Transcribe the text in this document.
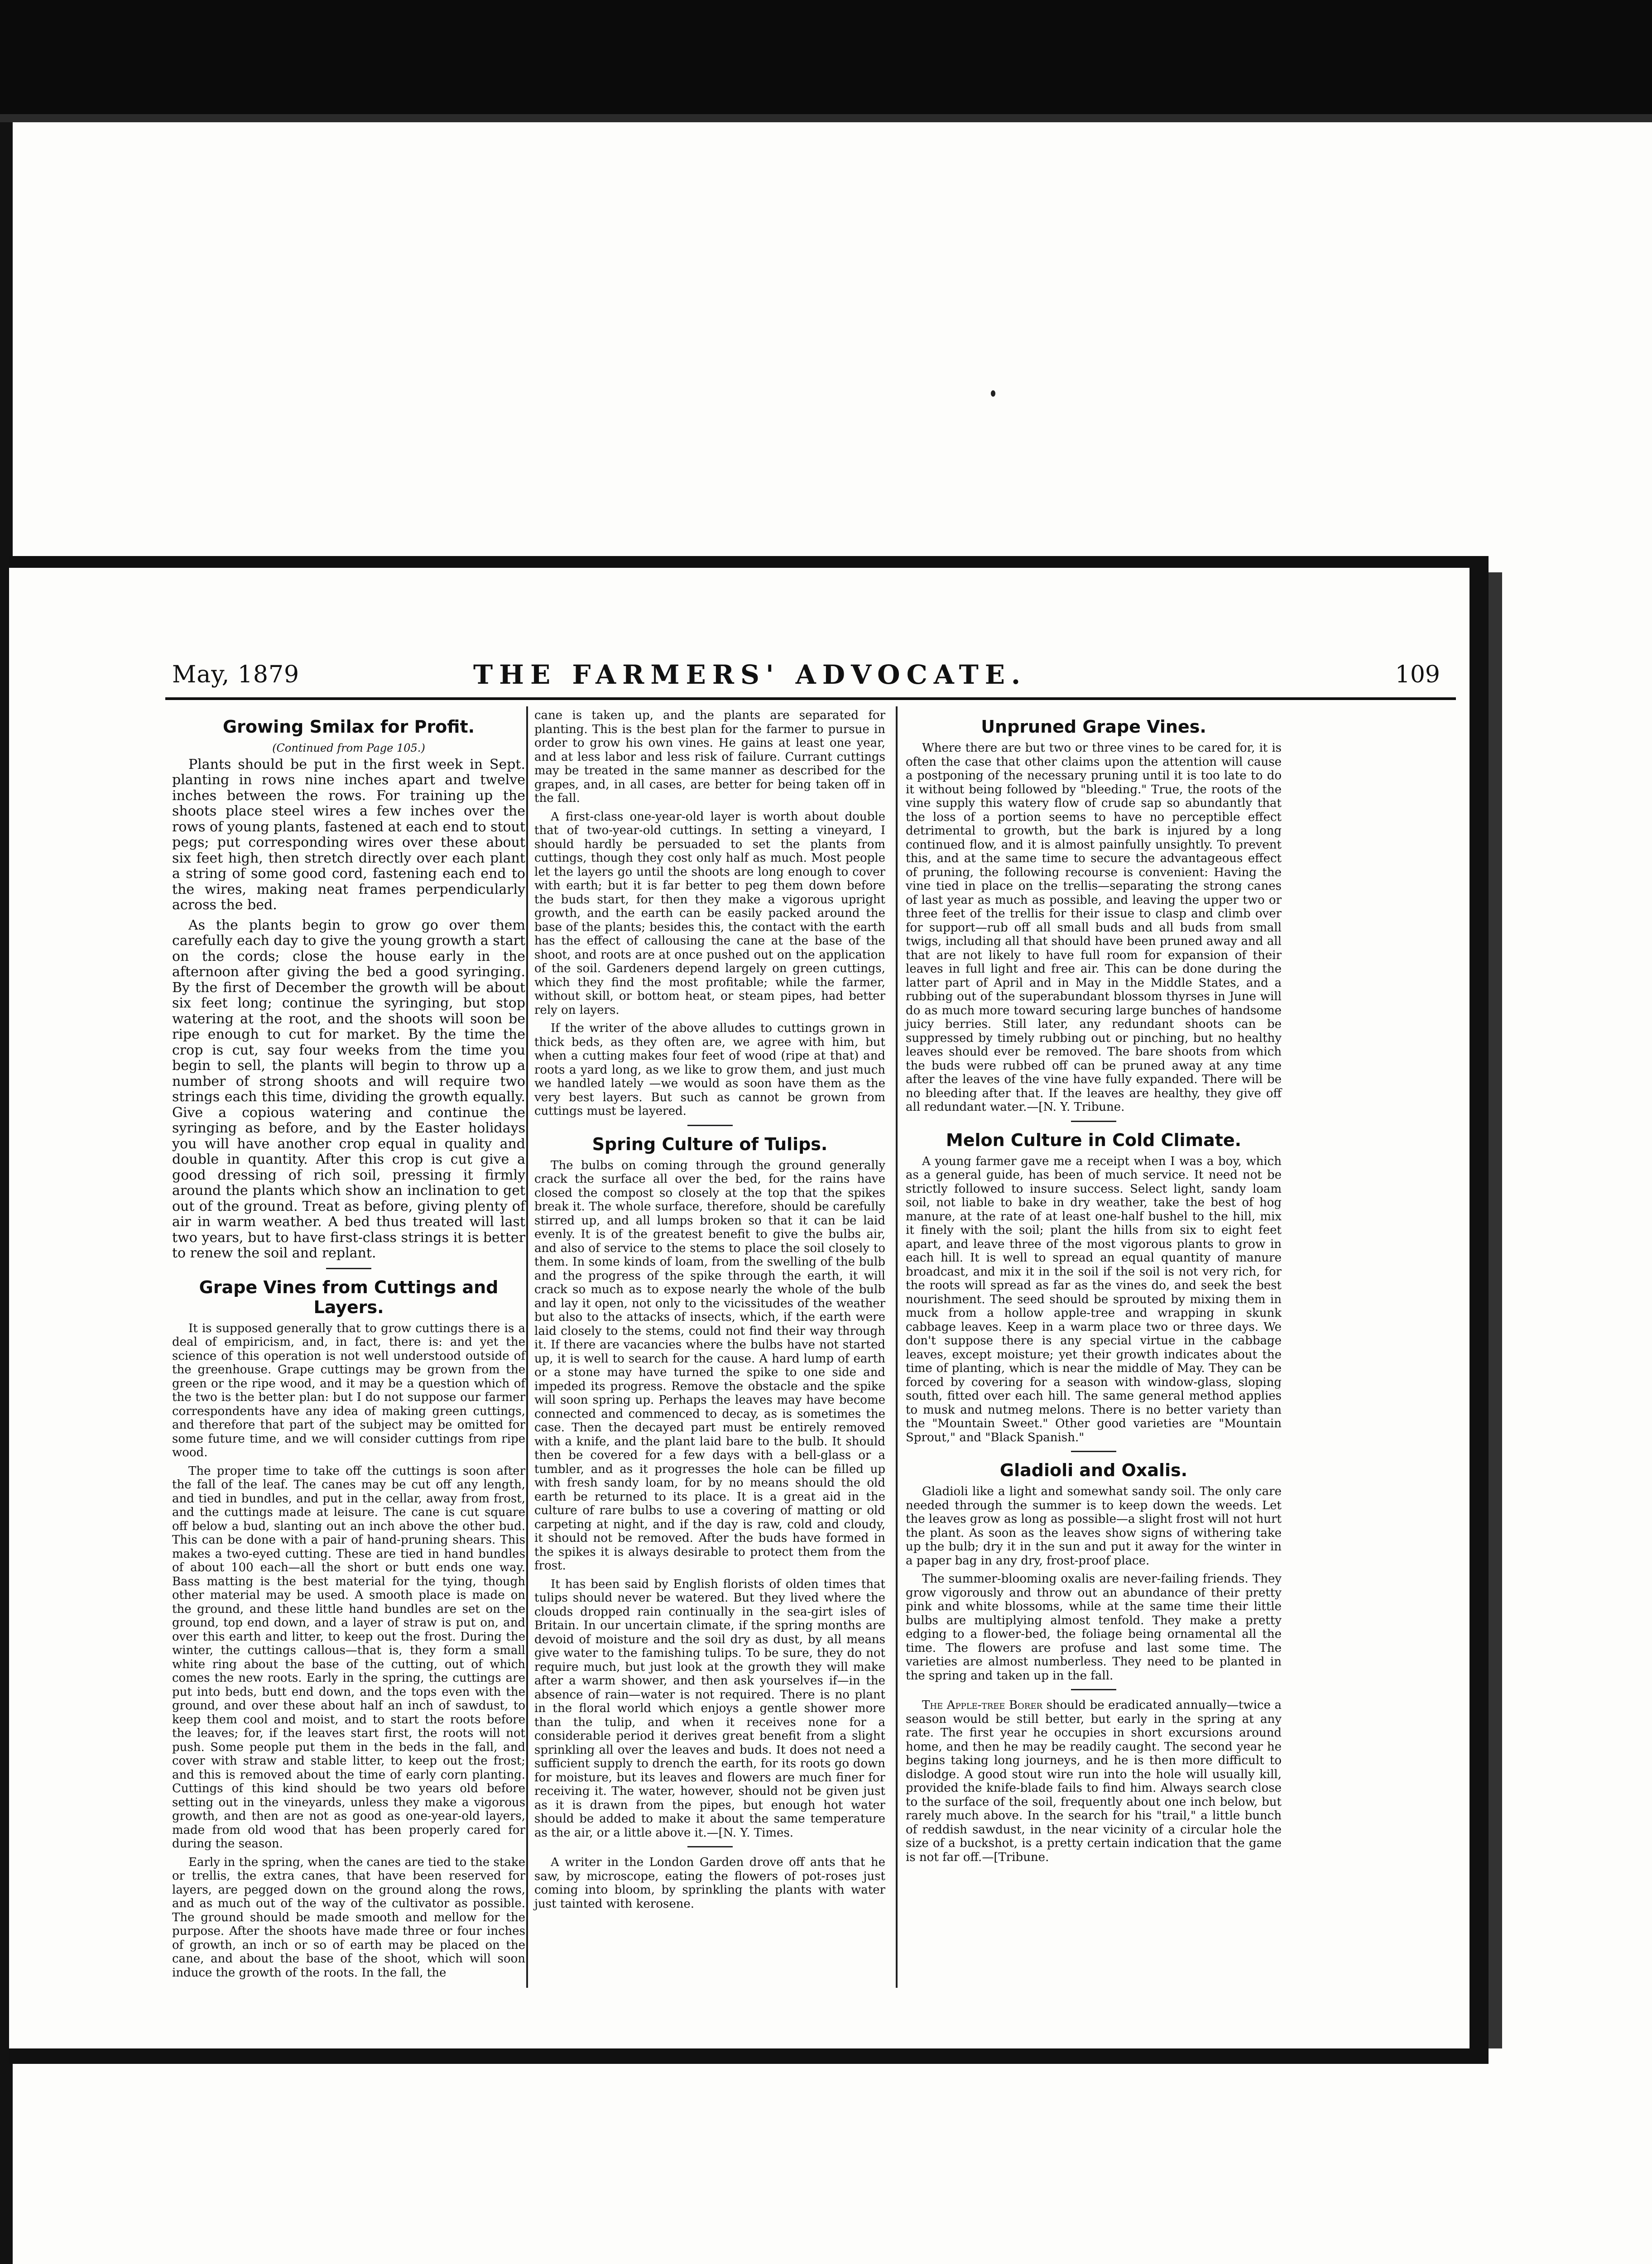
May, 1879	THE FARMERS' ADVOCATE.	109
Growing Smilax for Profit.
(Continued from Page 105.)

Plants should be put in the first week in Sept. planting in rows nine inches apart and twelve inches between the rows. For training up the shoots place steel wires a few inches over the rows of young plants, fastened at each end to stout pegs; put corresponding wires over these about six feet high, then stretch directly over each plant a string of some good cord, fastening each end to the wires, making neat frames perpendicularly across the bed.

As the plants begin to grow go over them carefully each day to give the young growth a start on the cords; close the house early in the afternoon after giving the bed a good syringing. By the first of December the growth will be about six feet long; continue the syringing, but stop watering at the root, and the shoots will soon be ripe enough to cut for market. By the time the crop is cut, say four weeks from the time you begin to sell, the plants will begin to throw up a number of strong shoots and will require two strings each this time, dividing the growth equally. Give a copious watering and continue the syringing as before, and by the Easter holidays you will have another crop equal in quality and double in quantity. After this crop is cut give a good dressing of rich soil, pressing it firmly around the plants which show an inclination to get out of the ground. Treat as before, giving plenty of air in warm weather. A bed thus treated will last two years, but to have first-class strings it is better to renew the soil and replant.

Grape Vines from Cuttings and Layers.

It is supposed generally that to grow cuttings there is a deal of empiricism, and, in fact, there is: and yet the science of this operation is not well understood outside of the greenhouse. Grape cuttings may be grown from the green or the ripe wood, and it may be a question which of the two is the better plan: but I do not suppose our farmer correspondents have any idea of making green cuttings, and therefore that part of the subject may be omitted for some future time, and we will consider cuttings from ripe wood.

The proper time to take off the cuttings is soon after the fall of the leaf. The canes may be cut off any length, and tied in bundles, and put in the cellar, away from frost, and the cuttings made at leisure. The cane is cut square off below a bud, slanting out an inch above the other bud. This can be done with a pair of hand-pruning shears. This makes a two-eyed cutting. These are tied in hand bundles of about 100 each—all the short or butt ends one way. Bass matting is the best material for the tying, though other material may be used. A smooth place is made on the ground, and these little hand bundles are set on the ground, top end down, and a layer of straw is put on, and over this earth and litter, to keep out the frost. During the winter, the cuttings callous—that is, they form a small white ring about the base of the cutting, out of which comes the new roots. Early in the spring, the cuttings are put into beds, butt end down, and the tops even with the ground, and over these about half an inch of sawdust, to keep them cool and moist, and to start the roots before the leaves; for, if the leaves start first, the roots will not push. Some people put them in the beds in the fall, and cover with straw and stable litter, to keep out the frost; and this is removed about the time of early corn planting. Cuttings of this kind should be two years old before setting out in the vineyards, unless they make a vigorous growth, and then are not as good as one-year-old layers, made from old wood that has been properly cared for during the season.

Early in the spring, when the canes are tied to the stake or trellis, the extra canes, that have been reserved for layers, are pegged down on the ground along the rows, and as much out of the way of the cultivator as possible. The ground should be made smooth and mellow for the purpose. After the shoots have made three or four inches of growth, an inch or so of earth may be placed on the cane, and about the base of the shoot, which will soon induce the growth of the roots. In the fall, the

cane is taken up, and the plants are separated for planting. This is the best plan for the farmer to pursue in order to grow his own vines. He gains at least one year, and at less labor and less risk of failure. Currant cuttings may be treated in the same manner as described for the grapes, and, in all cases, are better for being taken off in the fall.

A first-class one-year-old layer is worth about double that of two-year-old cuttings. In setting a vineyard, I should hardly be persuaded to set the plants from cuttings, though they cost only half as much. Most people let the layers go until the shoots are long enough to cover with earth; but it is far better to peg them down before the buds start, for then they make a vigorous upright growth, and the earth can be easily packed around the base of the plants; besides this, the contact with the earth has the effect of callousing the cane at the base of the shoot, and roots are at once pushed out on the application of the soil. Gardeners depend largely on green cuttings, which they find the most profitable; while the farmer, without skill, or bottom heat, or steam pipes, had better rely on layers.

If the writer of the above alludes to cuttings grown in thick beds, as they often are, we agree with him, but when a cutting makes four feet of wood (ripe at that) and roots a yard long, as we like to grow them, and just much we handled lately —we would as soon have them as the very best layers. But such as cannot be grown from cuttings must be layered.

Spring Culture of Tulips.

The bulbs on coming through the ground generally crack the surface all over the bed, for the rains have closed the compost so closely at the top that the spikes break it. The whole surface, therefore, should be carefully stirred up, and all lumps broken so that it can be laid evenly. It is of the greatest benefit to give the bulbs air, and also of service to the stems to place the soil closely to them. In some kinds of loam, from the swelling of the bulb and the progress of the spike through the earth, it will crack so much as to expose nearly the whole of the bulb and lay it open, not only to the vicissitudes of the weather but also to the attacks of insects, which, if the earth were laid closely to the stems, could not find their way through it. If there are vacancies where the bulbs have not started up, it is well to search for the cause. A hard lump of earth or a stone may have turned the spike to one side and impeded its progress. Remove the obstacle and the spike will soon spring up. Perhaps the leaves may have become connected and commenced to decay, as is sometimes the case. Then the decayed part must be entirely removed with a knife, and the plant laid bare to the bulb. It should then be covered for a few days with a bell-glass or a tumbler, and as it progresses the hole can be filled up with fresh sandy loam, for by no means should the old earth be returned to its place. It is a great aid in the culture of rare bulbs to use a covering of matting or old carpeting at night, and if the day is raw, cold and cloudy, it should not be removed. After the buds have formed in the spikes it is always desirable to protect them from the frost.

It has been said by English florists of olden times that tulips should never be watered. But they lived where the clouds dropped rain continually in the sea-girt isles of Britain. In our uncertain climate, if the spring months are devoid of moisture and the soil dry as dust, by all means give water to the famishing tulips. To be sure, they do not require much, but just look at the growth they will make after a warm shower, and then ask yourselves if—in the absence of rain—water is not required. There is no plant in the floral world which enjoys a gentle shower more than the tulip, and when it receives none for a considerable period it derives great benefit from a slight sprinkling all over the leaves and buds. It does not need a sufficient supply to drench the earth, for its roots go down for moisture, but its leaves and flowers are much finer for receiving it. The water, however, should not be given just as it is drawn from the pipes, but enough hot water should be added to make it about the same temperature as the air, or a little above it.—[N. Y. Times.

A writer in the London Garden drove off ants that he saw, by microscope, eating the flowers of pot-roses just coming into bloom, by sprinkling the plants with water just tainted with kerosene.

Unpruned Grape Vines.

Where there are but two or three vines to be cared for, it is often the case that other claims upon the attention will cause a postponing of the necessary pruning until it is too late to do it without being followed by "bleeding." True, the roots of the vine supply this watery flow of crude sap so abundantly that the loss of a portion seems to have no perceptible effect detrimental to growth, but the bark is injured by a long continued flow, and it is almost painfully unsightly. To prevent this, and at the same time to secure the advantageous effect of pruning, the following recourse is convenient: Having the vine tied in place on the trellis—separating the strong canes of last year as much as possible, and leaving the upper two or three feet of the trellis for their issue to clasp and climb over for support—rub off all small buds and all buds from small twigs, including all that should have been pruned away and all that are not likely to have full room for expansion of their leaves in full light and free air. This can be done during the latter part of April and in May in the Middle States, and a rubbing out of the superabundant blossom thyrses in June will do as much more toward securing large bunches of handsome juicy berries. Still later, any redundant shoots can be suppressed by timely rubbing out or pinching, but no healthy leaves should ever be removed. The bare shoots from which the buds were rubbed off can be pruned away at any time after the leaves of the vine have fully expanded. There will be no bleeding after that. If the leaves are healthy, they give off all redundant water.—[N. Y. Tribune.

Melon Culture in Cold Climate.

A young farmer gave me a receipt when I was a boy, which as a general guide, has been of much service. It need not be strictly followed to insure success. Select light, sandy loam soil, not liable to bake in dry weather, take the best of hog manure, at the rate of at least one-half bushel to the hill, mix it finely with the soil; plant the hills from six to eight feet apart, and leave three of the most vigorous plants to grow in each hill. It is well to spread an equal quantity of manure broadcast, and mix it in the soil if the soil is not very rich, for the roots will spread as far as the vines do, and seek the best nourishment. The seed should be sprouted by mixing them in muck from a hollow apple-tree and wrapping in skunk cabbage leaves. Keep in a warm place two or three days. We don't suppose there is any special virtue in the cabbage leaves, except moisture; yet their growth indicates about the time of planting, which is near the middle of May. They can be forced by covering for a season with window-glass, sloping south, fitted over each hill. The same general method applies to musk and nutmeg melons. There is no better variety than the "Mountain Sweet." Other good varieties are "Mountain Sprout," and "Black Spanish."

Gladioli and Oxalis.

Gladioli like a light and somewhat sandy soil. The only care needed through the summer is to keep down the weeds. Let the leaves grow as long as possible—a slight frost will not hurt the plant. As soon as the leaves show signs of withering take up the bulb; dry it in the sun and put it away for the winter in a paper bag in any dry, frost-proof place.

The summer-blooming oxalis are never-failing friends. They grow vigorously and throw out an abundance of their pretty pink and white blossoms, while at the same time their little bulbs are multiplying almost tenfold. They make a pretty edging to a flower-bed, the foliage being ornamental all the time. The flowers are profuse and last some time. The varieties are almost numberless. They need to be planted in the spring and taken up in the fall.

The Apple-tree Borer should be eradicated annually—twice a season would be still better, but early in the spring at any rate. The first year he occupies in short excursions around home, and then he may be readily caught. The second year he begins taking long journeys, and he is then more difficult to dislodge. A good stout wire run into the hole will usually kill, provided the knife-blade fails to find him. Always search close to the surface of the soil, frequently about one inch below, but rarely much above. In the search for his "trail," a little bunch of reddish sawdust, in the near vicinity of a circular hole the size of a buckshot, is a pretty certain indication that the game is not far off.—[Tribune.
